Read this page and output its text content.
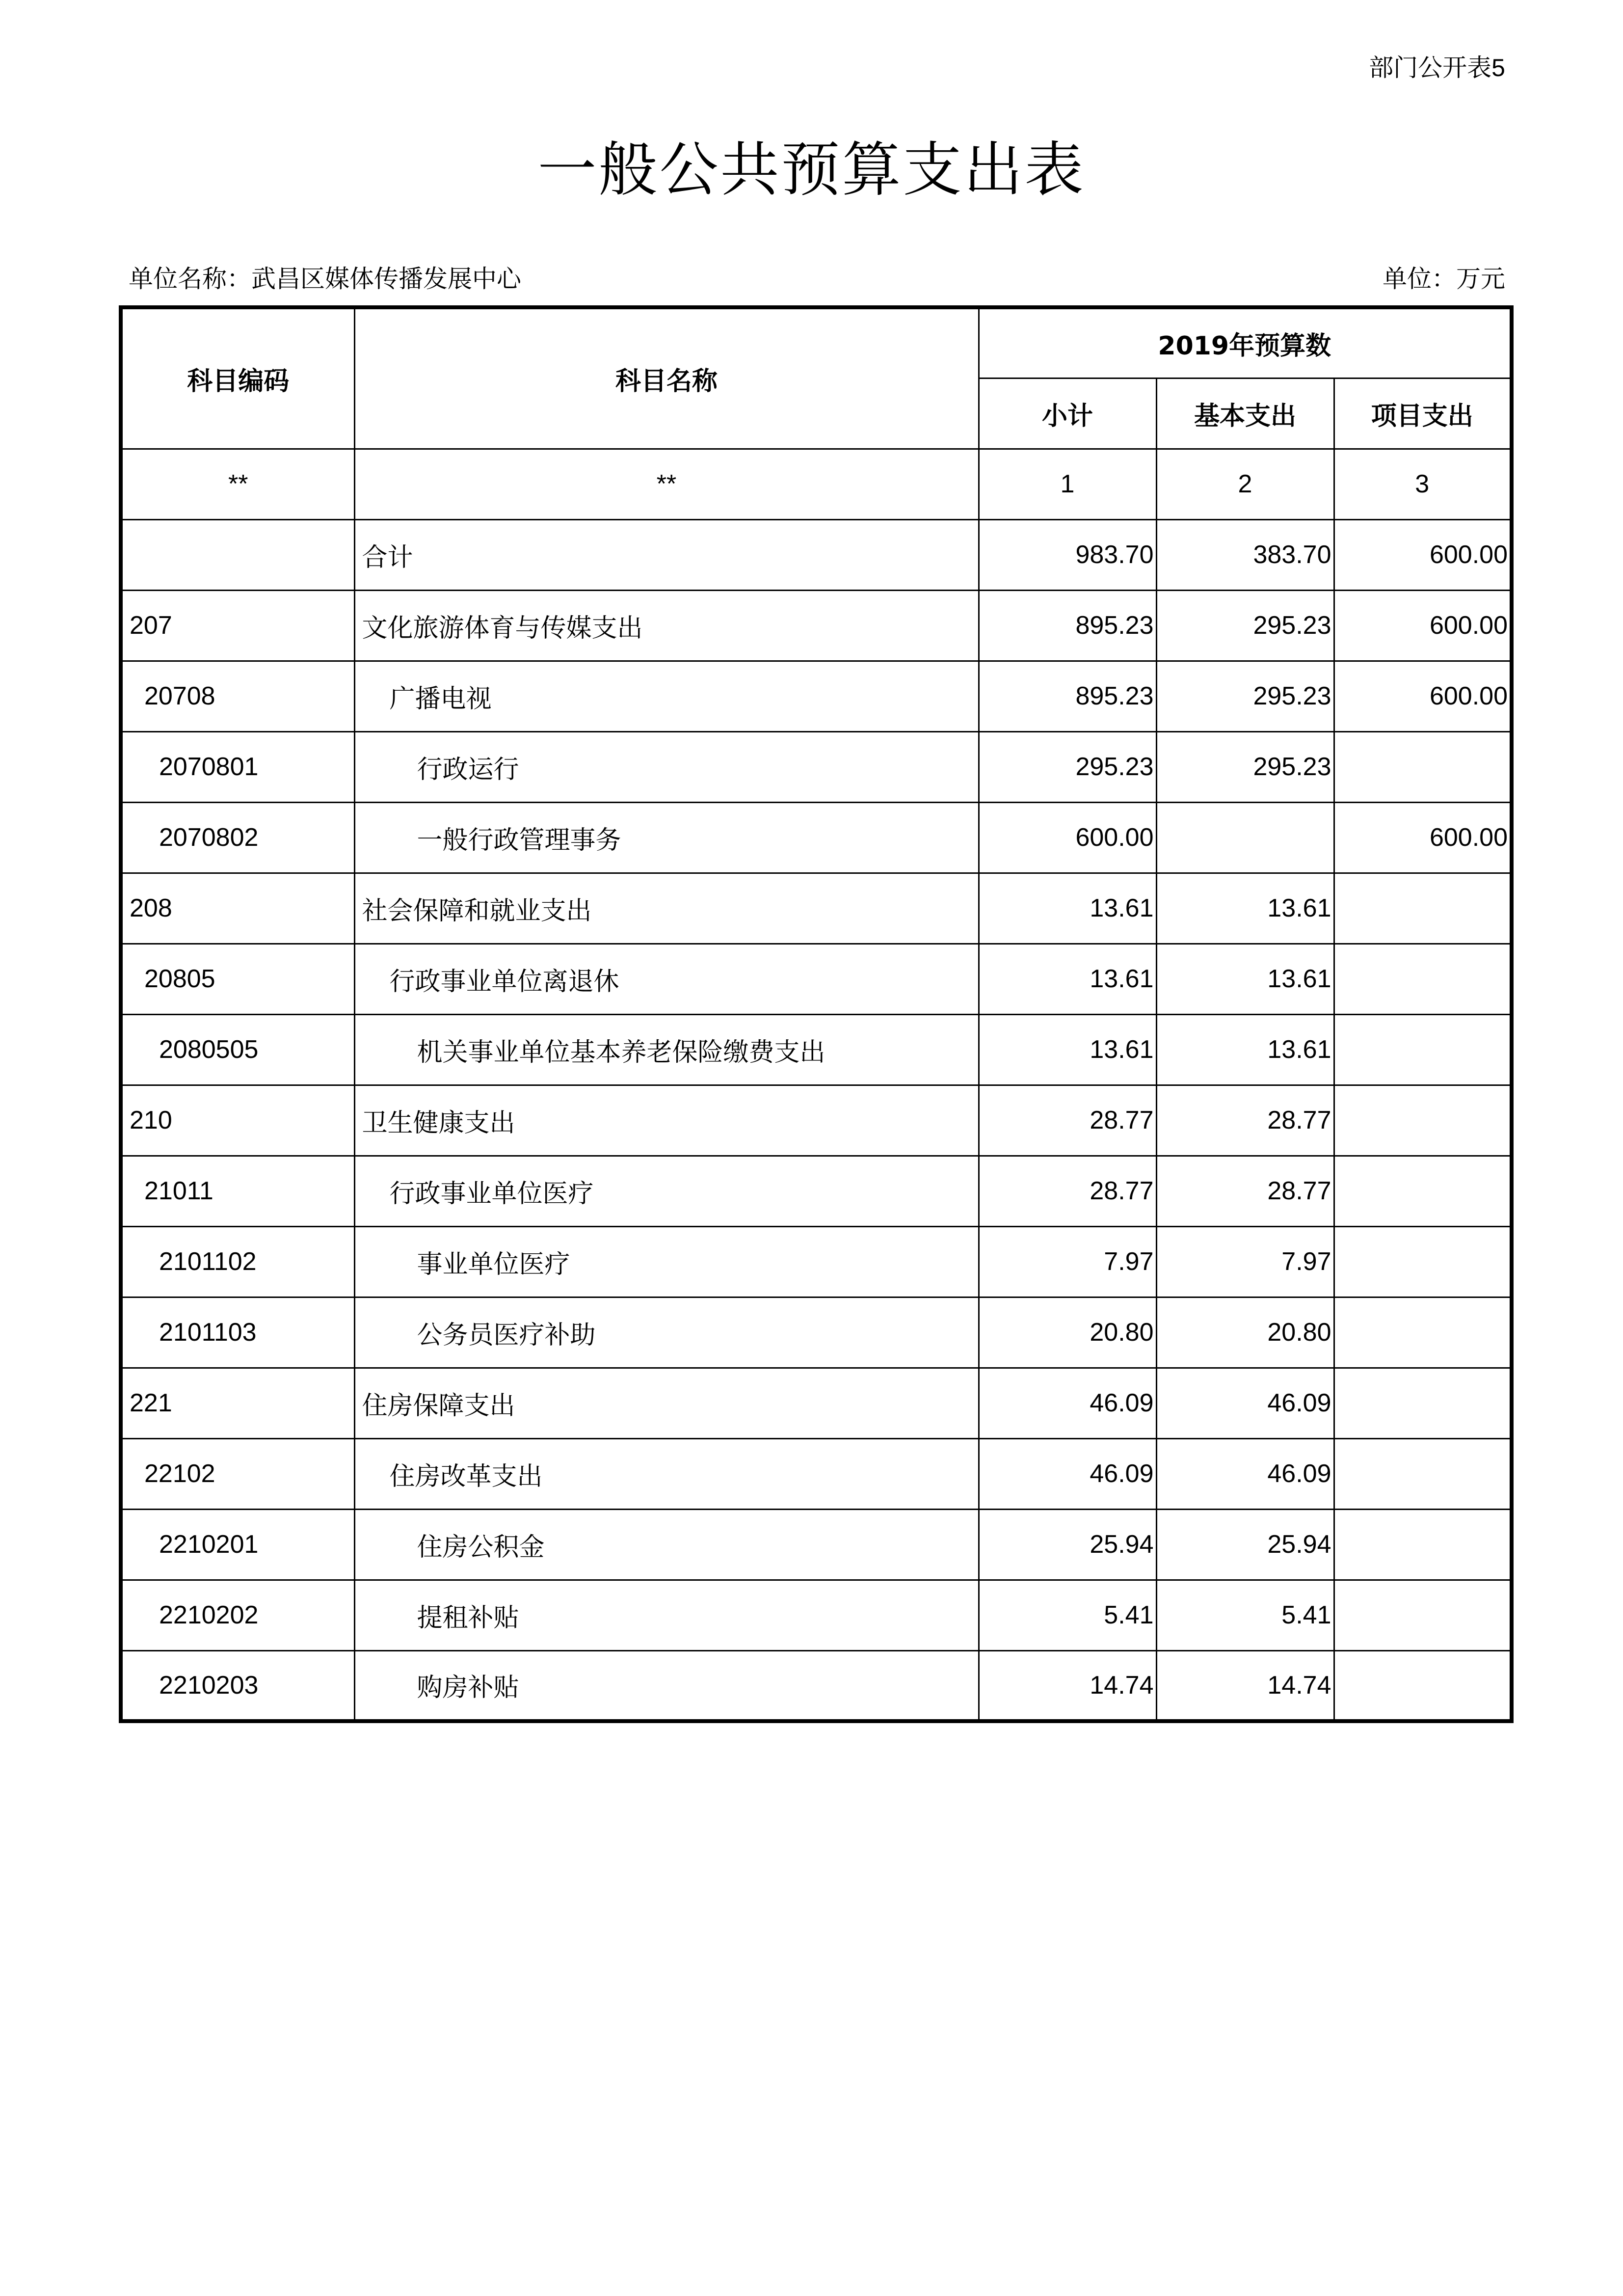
部门公开表5
一般公共预算支出表
单位名称：武昌区媒体传播发展中心	单位：万元
科目编码	科目名称	2019年预算数		
		小计	基本支出	项目支出
**	**	1	2	3
	合计	983.70	383.70	600.00
207	文化旅游体育与传媒支出	895.23	295.23	600.00
20708	广播电视	895.23	295.23	600.00
2070801	行政运行	295.23	295.23	
2070802	一般行政管理事务	600.00		600.00
208	社会保障和就业支出	13.61	13.61	
20805	行政事业单位离退休	13.61	13.61	
2080505	机关事业单位基本养老保险缴费支出	13.61	13.61	
210	卫生健康支出	28.77	28.77	
21011	行政事业单位医疗	28.77	28.77	
2101102	事业单位医疗	7.97	7.97	
2101103	公务员医疗补助	20.80	20.80	
221	住房保障支出	46.09	46.09	
22102	住房改革支出	46.09	46.09	
2210201	住房公积金	25.94	25.94	
2210202	提租补贴	5.41	5.41	
2210203	购房补贴	14.74	14.74	
